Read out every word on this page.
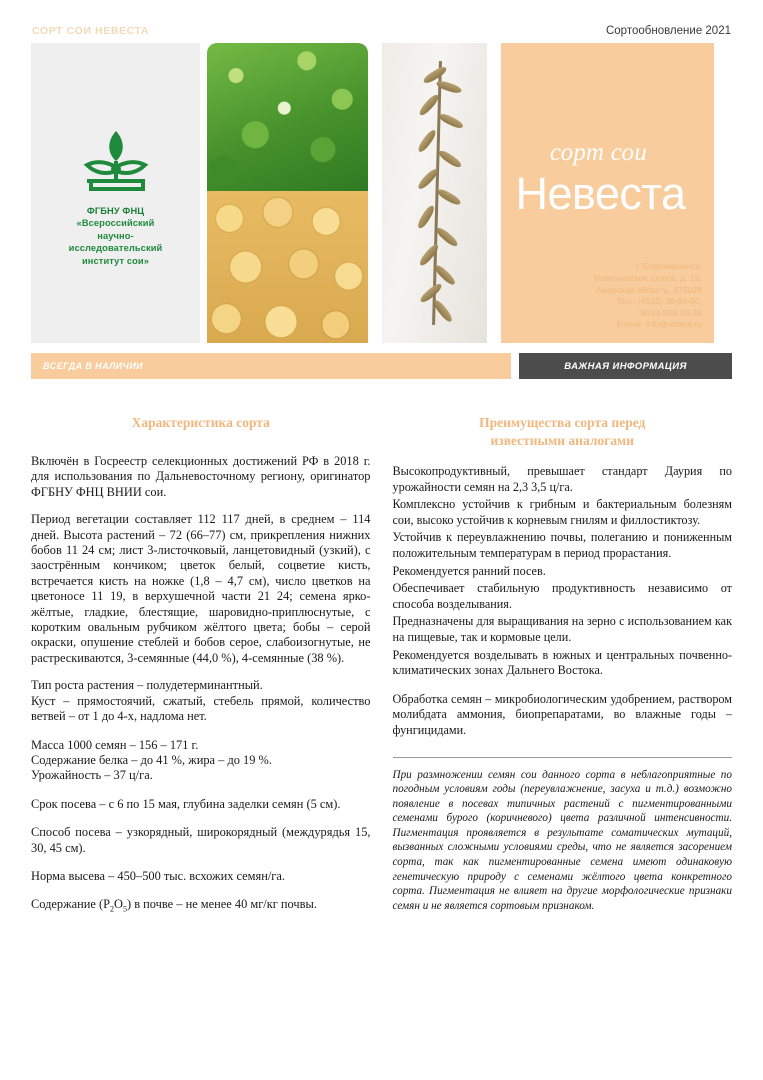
СОРТ СОИ НЕВЕСТА	Сортообновление 2021
ФГБНУ ФНЦ
«Всероссийский
научно-
исследовательский
институт сои»
сорт сои
Невеста
г. Благовещенск,
Игнатьевское шоссе, д. 19,
Амурская область, 675028
Тел.: (4162) 36-94-50,
8914-558-34-34
E-mail: info@vniisoi.ru
ВСЕГДА В НАЛИЧИИ	ВАЖНАЯ ИНФОРМАЦИЯ
Характеристика сорта

Включён в Госреестр селекционных достижений РФ в 2018 г. для использования по Дальневосточному региону, оригинатор ФГБНУ ФНЦ ВНИИ сои.

Период вегетации составляет 112 117 дней, в среднем – 114 дней. Высота растений – 72 (66–77) см, прикрепления нижних бобов 11 24 см; лист 3-листочковый, ланцетовидный (узкий), с заострённым кончиком; цветок белый, соцветие кисть, встречается кисть на ножке (1,8 – 4,7 см), число цветков на цветоносе 11 19, в верхушечной части 21 24; семена ярко-жёлтые, гладкие, блестящие, шаровидно-приплюснутые, с коротким овальным рубчиком жёлтого цвета; бобы – серой окраски, опушение стеблей и бобов серое, слабоизогнутые, не растрескиваются, 3-семянные (44,0 %), 4-семянные (38 %).

Тип роста растения – полудетерминантный.

Куст – прямостоячий, сжатый, стебель прямой, количество ветвей – от 1 до 4-х, надлома нет.

Масса 1000 семян – 156 – 171 г.

Содержание белка – до 41 %, жира – до 19 %.

Урожайность – 37 ц/га.

Срок посева – с 6 по 15 мая, глубина заделки семян (5 см).

Способ посева – узкорядный, широкорядный (междурядья 15, 30, 45 см).

Норма высева – 450–500 тыс. всхожих семян/га.

Содержание $(P_2O_5)$ в почве – не менее 40 мг/кг почвы.

Преимущества сорта перед
известными аналогами

Высокопродуктивный, превышает стандарт Даурия по урожайности семян на 2,3 3,5 ц/га.

Комплексно устойчив к грибным и бактериальным болезням сои, высоко устойчив к корневым гнилям и филлостиктозу.

Устойчив к переувлажнению почвы, полеганию и пониженным положительным температурам в период прорастания.

Рекомендуется ранний посев.

Обеспечивает стабильную продуктивность независимо от способа возделывания.

Предназначены для выращивания на зерно с использованием как на пищевые, так и кормовые цели.

Рекомендуется возделывать в южных и центральных почвенно-климатических зонах Дальнего Востока.

Обработка семян – микробиологическим удобрением, раствором молибдата аммония, биопрепаратами, во влажные годы – фунгицидами.

При размножении семян сои данного сорта в неблагоприятные по погодным условиям годы (переувлажнение, засуха и т.д.) возможно появление в посевах типичных растений с пигментированными семенами бурого (коричневого) цвета различной интенсивности. Пигментация проявляется в результате соматических мутаций, вызванных сложными условиями среды, что не является засорением сорта, так как пигментированные семена имеют одинаковую генетическую природу с семенами жёлтого цвета конкретного сорта. Пигментация не влияет на другие морфологические признаки семян и не является сортовым признаком.
